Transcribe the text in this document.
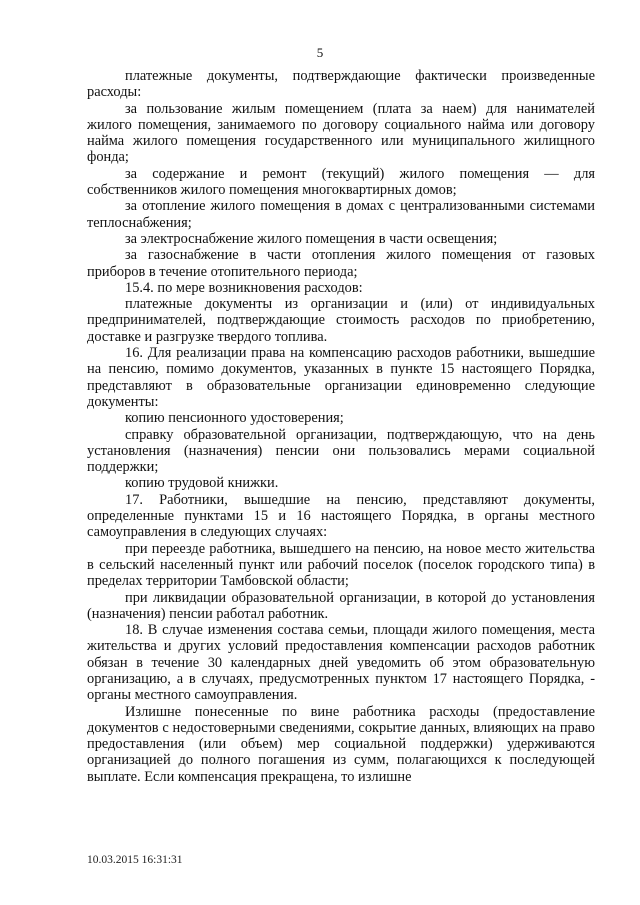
5

платежные документы, подтверждающие фактически произведенные расходы:

за пользование жилым помещением (плата за наем) для нанимателей жилого помещения, занимаемого по договору социального найма или договору найма жилого помещения государственного или муниципального жилищного фонда;

за содержание и ремонт (текущий) жилого помещения — для собственников жилого помещения многоквартирных домов;

за отопление жилого помещения в домах с централизованными системами теплоснабжения;

за электроснабжение жилого помещения в части освещения;

за газоснабжение в части отопления жилого помещения от газовых приборов в течение отопительного периода;

15.4. по мере возникновения расходов:

платежные документы из организации и (или) от индивидуальных предпринимателей, подтверждающие стоимость расходов по приобретению, доставке и разгрузке твердого топлива.

16. Для реализации права на компенсацию расходов работники, вышедшие на пенсию, помимо документов, указанных в пункте 15 настоящего Порядка, представляют в образовательные организации единовременно следующие документы:

копию пенсионного удостоверения;

справку образовательной организации, подтверждающую, что на день установления (назначения) пенсии они пользовались мерами социальной поддержки;

копию трудовой книжки.

17. Работники, вышедшие на пенсию, представляют документы, определенные пунктами 15 и 16 настоящего Порядка, в органы местного самоуправления в следующих случаях:

при переезде работника, вышедшего на пенсию, на новое место жительства в сельский населенный пункт или рабочий поселок (поселок городского типа) в пределах территории Тамбовской области;

при ликвидации образовательной организации, в которой до установления (назначения) пенсии работал работник.

18. В случае изменения состава семьи, площади жилого помещения, места жительства и других условий предоставления компенсации расходов работник обязан в течение 30 календарных дней уведомить об этом образовательную организацию, а в случаях, предусмотренных пунктом 17 настоящего Порядка, - органы местного самоуправления.

Излишне понесенные по вине работника расходы (предоставление документов с недостоверными сведениями, сокрытие данных, влияющих на право предоставления (или объем) мер социальной поддержки) удерживаются организацией до полного погашения из сумм, полагающихся к последующей выплате. Если компенсация прекращена, то излишне

10.03.2015 16:31:31
